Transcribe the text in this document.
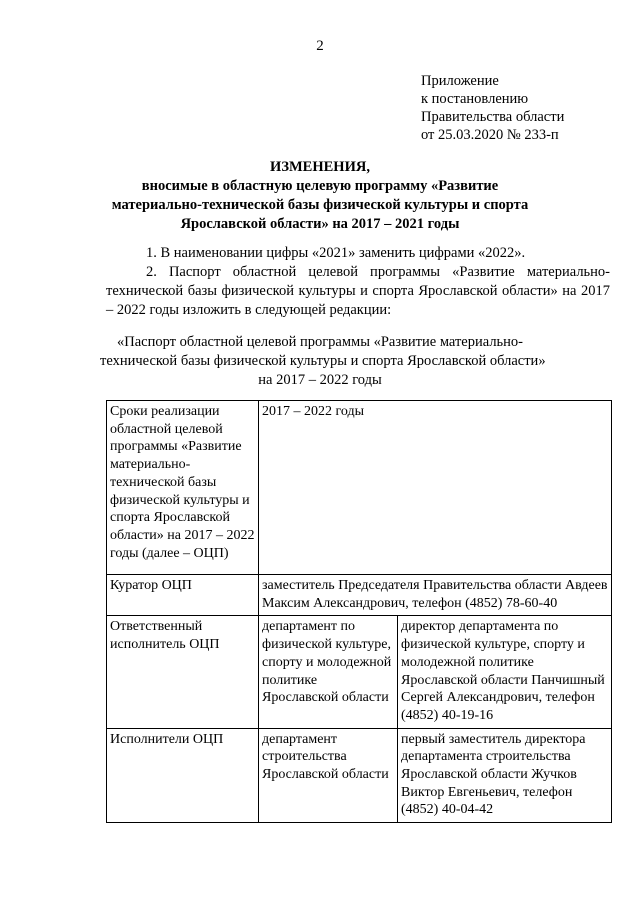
2
Приложение
к постановлению
Правительства области
от 25.03.2020 № 233-п
ИЗМЕНЕНИЯ,
вносимые в областную целевую программу «Развитие
материально-технической базы физической культуры и спорта
Ярославской области» на 2017 – 2021 годы

1. В наименовании цифры «2021» заменить цифрами «2022».

2. Паспорт областной целевой программы «Развитие материально-технической базы физической культуры и спорта Ярославской области» на 2017 – 2022 годы изложить в следующей редакции:

«Паспорт областной целевой программы «Развитие материально-
технической базы физической культуры и спорта Ярославской области»
на 2017 – 2022 годы
Сроки реализации областной целевой программы «Развитие материально-технической базы физической культуры и спорта Ярославской области» на 2017 – 2022 годы (далее – ОЦП)	2017 – 2022 годы	
Куратор ОЦП	заместитель Председателя Правительства области Авдеев Максим Александрович, телефон (4852) 78-60-40	
Ответственный исполнитель ОЦП	департамент по физической культуре, спорту и молодежной политике Ярославской области	директор департамента по физической культуре, спорту и молодежной политике Ярославской области Панчишный Сергей Александрович, телефон (4852) 40-19-16
Исполнители ОЦП	департамент строительства Ярославской области	первый заместитель директора департамента строительства Ярославской области Жучков Виктор Евгеньевич, телефон (4852) 40-04-42
